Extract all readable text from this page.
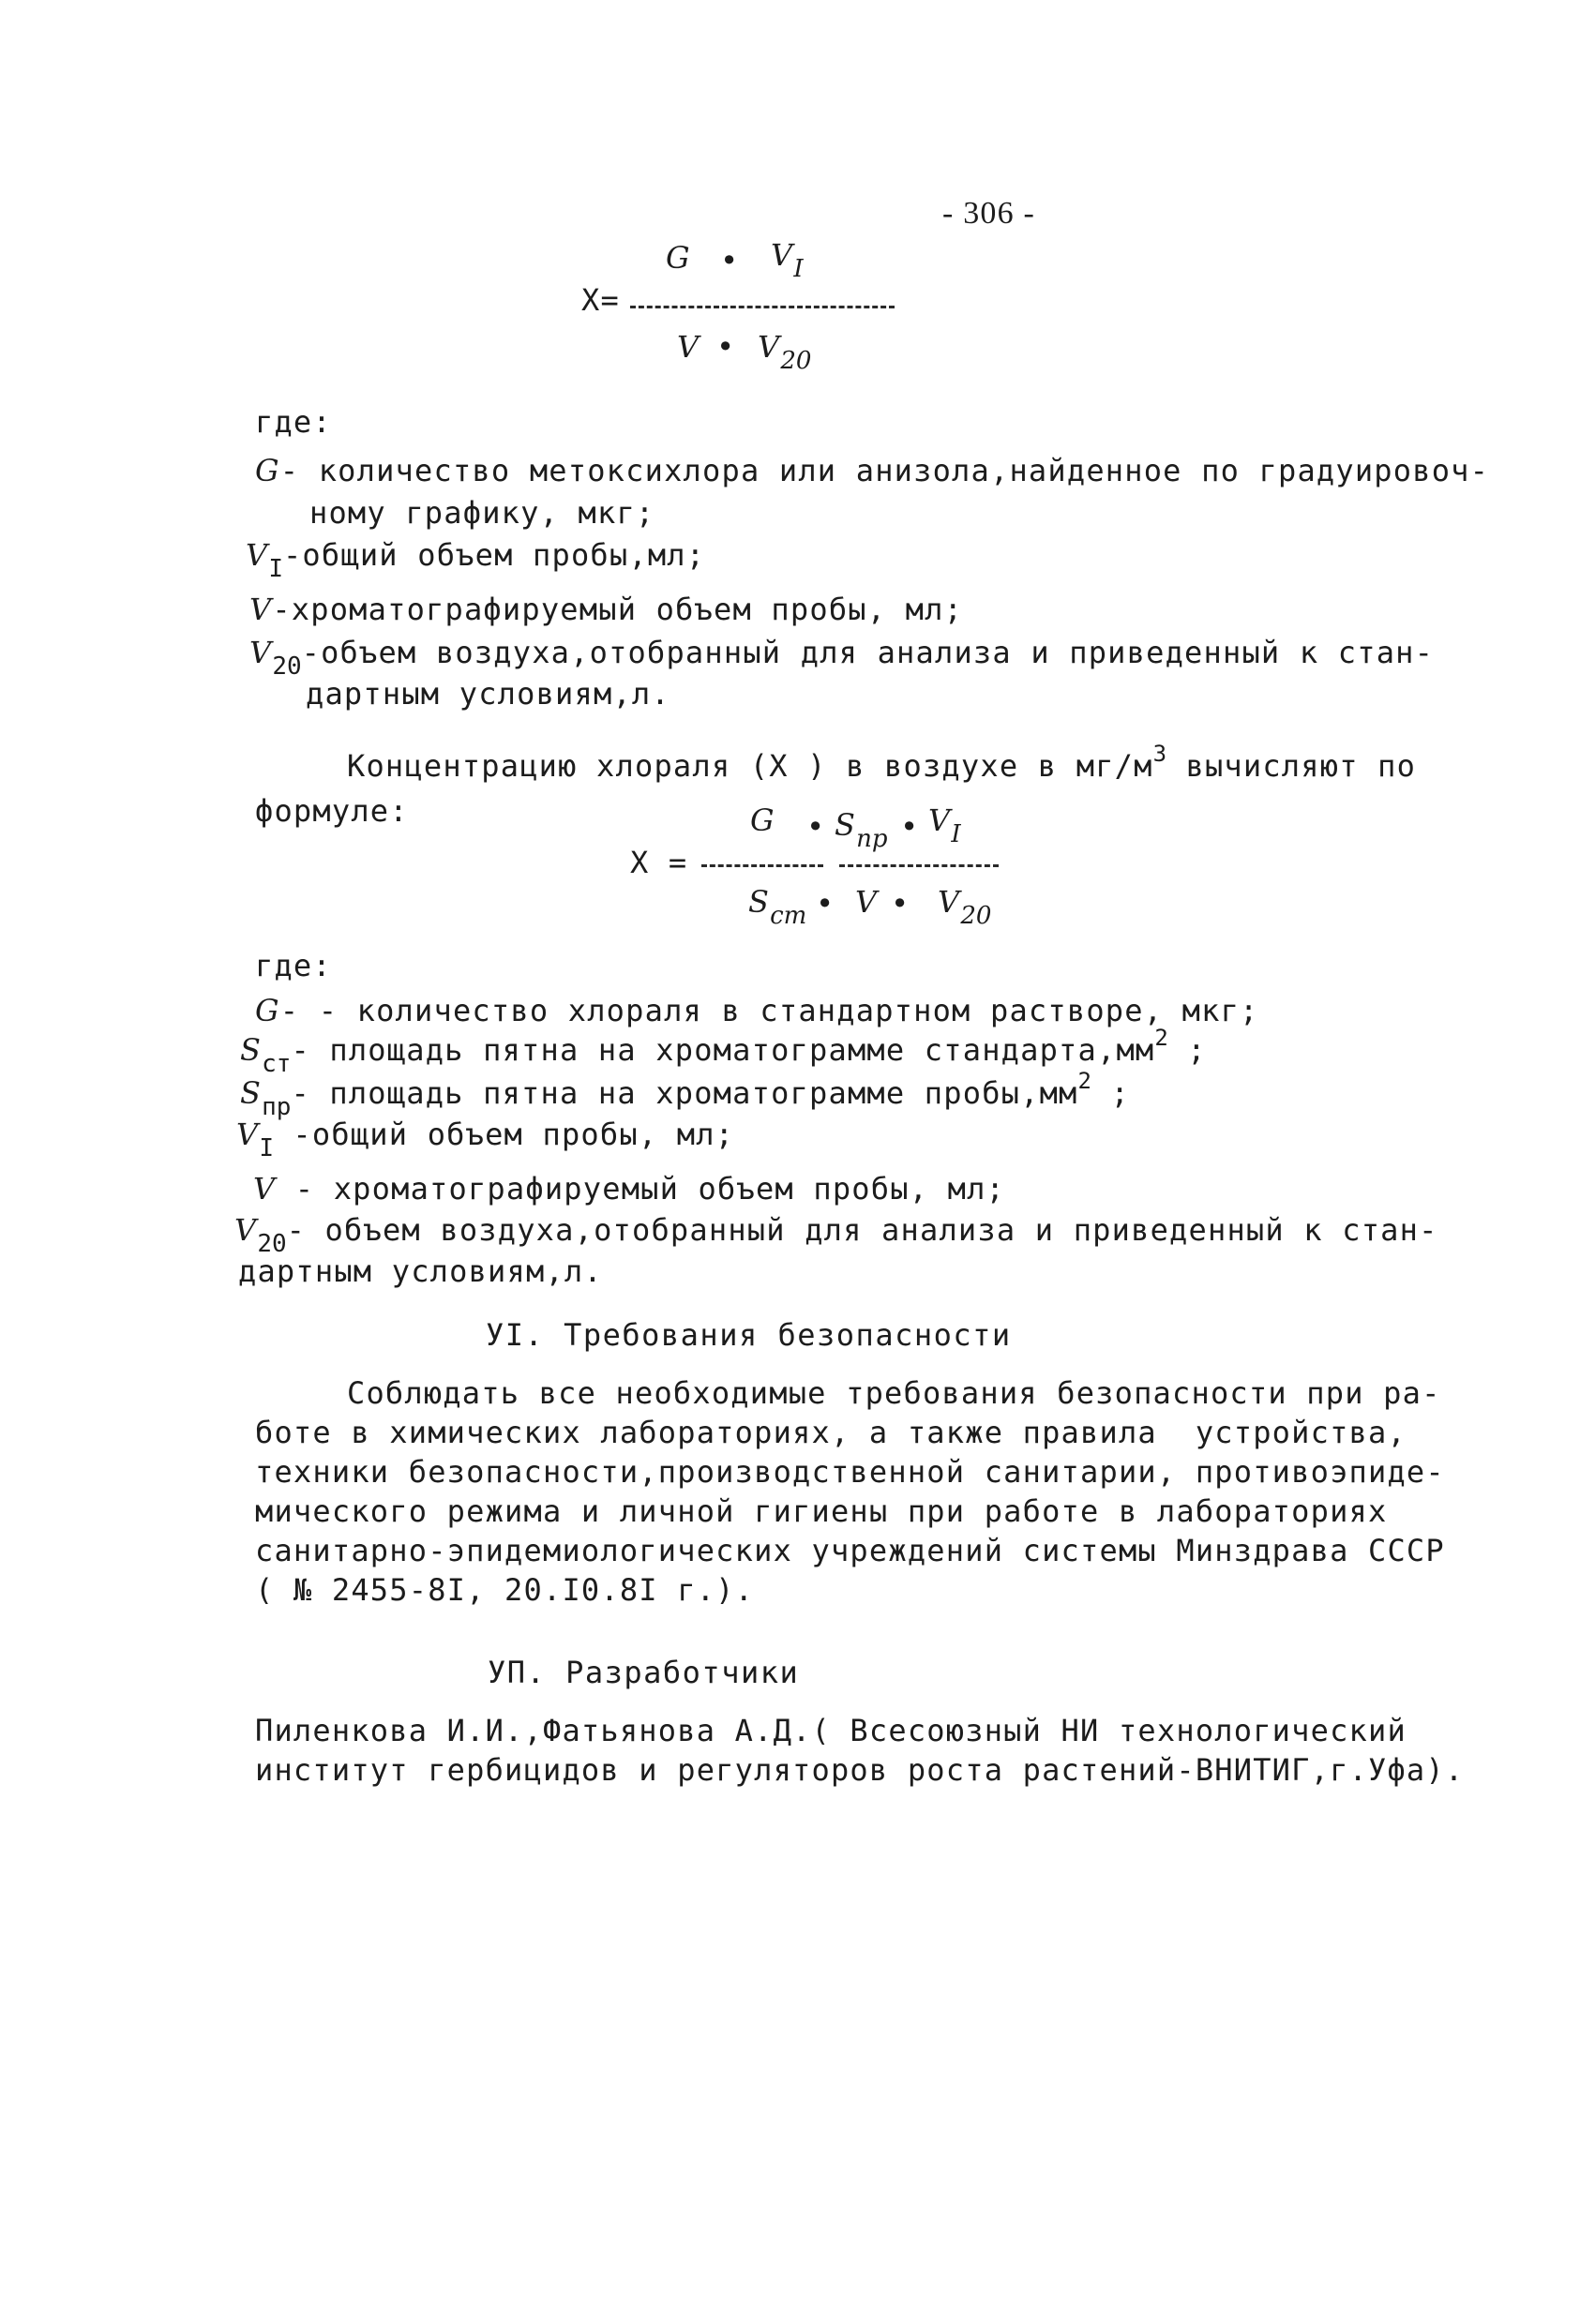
- 306 -
X=
G • $V_I$
V • $V_{20}$
где:
G- количество метоксихлора или анизола,найденное по градуировоч-
ному графику, мкг;
$V_I$-общий объем пробы,мл;
V-хроматографируемый объем пробы, мл;
$V_{20}$-объем воздуха,отобранный для анализа и приведенный к стан-
дартным условиям,л.
Концентрацию хлораля (X ) в воздухе в $мг/м^3$ вычисляют по
формуле:
X =
G • $S_{пр}$ • $V_I$
$S_{ст}$ • V • $V_{20}$
где:
G- - количество хлораля в стандартном растворе, мкг;
$S_{ст}-$ площадь пятна на хроматограмме $стандарта,мм^2$ ;
$S_{пр}-$ площадь пятна на хроматограмме $пробы,мм^2$ ;
$V_I$ -общий объем пробы, мл;
V - хроматографируемый объем пробы, мл;
$V_{20}-$ объем воздуха,отобранный для анализа и приведенный к стан-
дартным условиям,л.
УI. Требования безопасности
Соблюдать все необходимые требования безопасности при ра-
боте в химических лабораториях, а также правила  устройства,
техники безопасности,производственной санитарии, противоэпиде-
мического режима и личной гигиены при работе в лабораториях
санитарно-эпидемиологических учреждений системы Минздрава СССР
( № 2455-8I, 20.I0.8I г.).
УП. Разработчики
Пиленкова И.И.,Фатьянова А.Д.( Всесоюзный НИ технологический
институт гербицидов и регуляторов роста растений-ВНИТИГ,г.Уфа).
